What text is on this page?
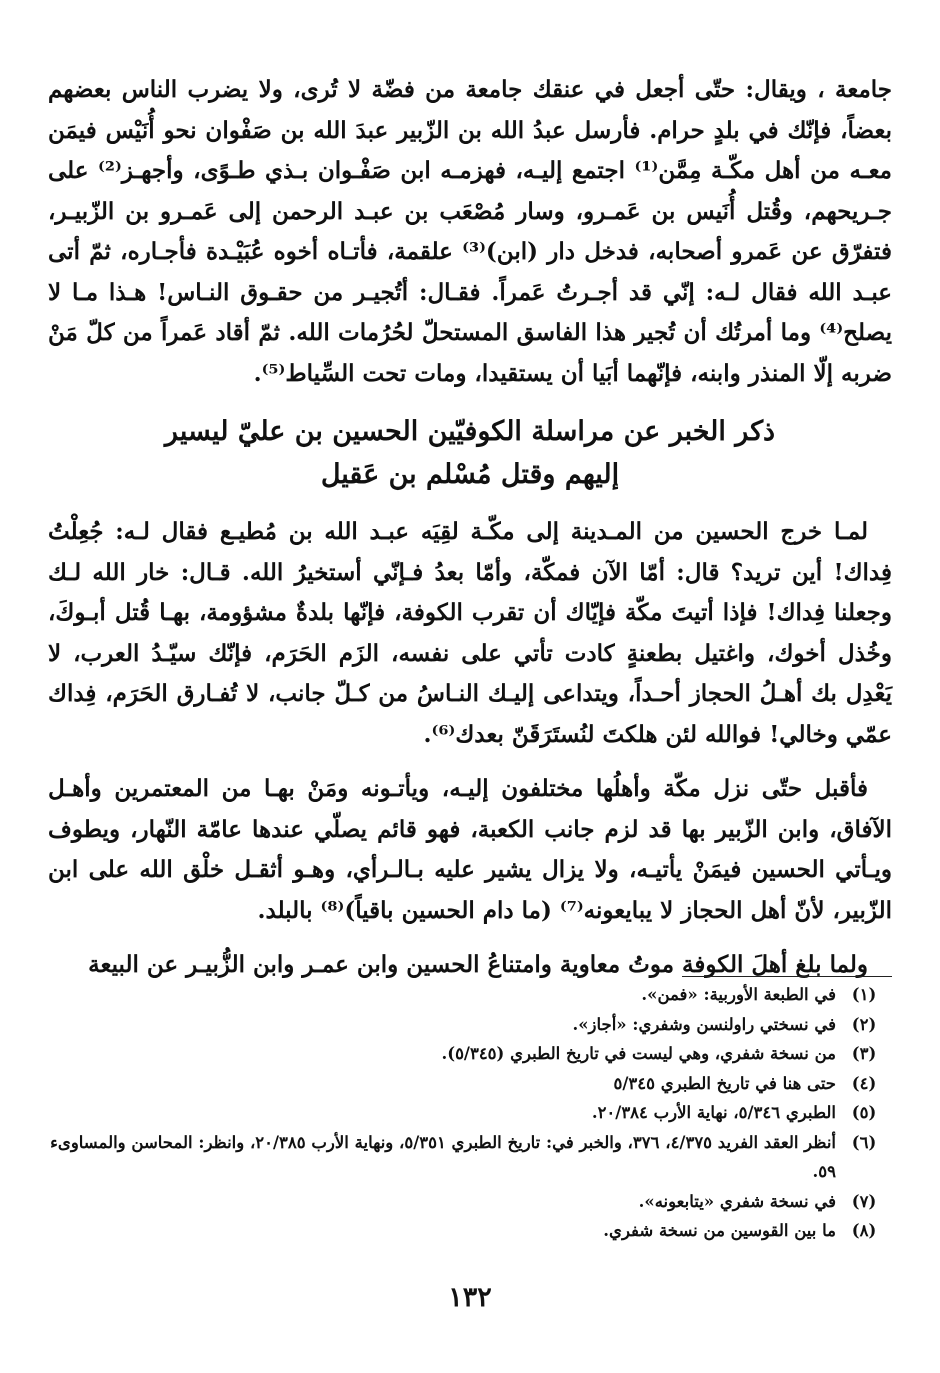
جامعة ، ويقال: حتّى أجعل في عنقك جامعة من فضّة لا تُرى، ولا يضرب الناس بعضهم بعضاً، فإنّك في بلدٍ حرام. فأرسل عبدُ الله بن الزّبير عبدَ الله بن صَفْوان نحو أُنَيْس فيمَن معـه من أهل مكّـة مِمَّن⁽¹⁾ اجتمع إليـه، فهزمـه ابن صَفْـوان بـذي طـوًى، وأجهـز⁽²⁾ على جـريحهم، وقُتل أُنَيس بن عَمـرو، وسار مُصْعَب بن عبـد الرحمن إلى عَمـرو بن الزّبيـر، فتفرّق عن عَمرو أصحابه، فدخل دار (ابن)⁽³⁾ علقمة، فأتـاه أخوه عُبَيْـدة فأجـاره، ثمّ أتى عبـد الله فقال لـه: إنّي قد أجـرتُ عَمراً. فقـال: أتُجيـر من حقـوق النـاس! هـذا مـا لا يصلح⁽⁴⁾ وما أمرتُك أن تُجير هذا الفاسق المستحلّ لحُرُمات الله. ثمّ أقاد عَمراً من كلّ مَنْ ضربه إلّا المنذر وابنه، فإنّهما أبَيا أن يستقيدا، ومات تحت السِّياط⁽⁵⁾.

ذكر الخبر عن مراسلة الكوفيّين الحسين بن عليّ ليسير
إليهم وقتل مُسْلم بن عَقيل

لمـا خرج الحسين من المـدينة إلى مكّـة لقِيَه عبـد الله بن مُطيـع فقال لـه: جُعِلْتُ فِداك! أين تريد؟ قال: أمّا الآن فمكّة، وأمّا بعدُ فـإنّي أستخيرُ الله. قـال: خار الله لـك وجعلنا فِداك! فإذا أتيتَ مكّة فإيّاك أن تقرب الكوفة، فإنّها بلدةٌ مشؤومة، بهـا قُتل أبـوكَ، وخُذل أخوك، واغتيل بطعنةٍ كادت تأتي على نفسه، الزَم الحَرَم، فإنّك سيّـدُ العرب، لا يَعْدِل بك أهـلُ الحجاز أحـداً، ويتداعى إليـك النـاسُ من كـلّ جانب، لا تُفـارق الحَرَم، فِداك عمّي وخالي! فوالله لئن هلكتَ لنُستَرَقَنّ بعدك⁽⁶⁾.

فأقبل حتّى نزل مكّة وأهلُها مختلفون إليـه، ويأتـونه ومَنْ بهـا من المعتمرين وأهـل الآفاق، وابن الزّبير بها قد لزم جانب الكعبة، فهو قائم يصلّي عندها عامّة النّهار، ويطوف ويـأتي الحسين فيمَنْ يأتيـه، ولا يزال يشير عليه بـالـرأي، وهـو أثقـل خلْق الله على ابن الزّبير، لأنّ أهل الحجاز لا يبايعونه⁽⁷⁾ (ما دام الحسين باقياً)⁽⁸⁾ بالبلد.

ولما بلغ أهلَ الكوفة موتُ معاوية وامتناعُ الحسين وابن عمـر وابن الزُّبيـر عن البيعة

(١)
في الطبعة الأوربية: «فمن».
(٢)
في نسختي راولنسن وشفري: «أجاز».
(٣)
من نسخة شفري، وهي ليست في تاريخ الطبري (٥/٣٤٥).
(٤)
حتى هنا في تاريخ الطبري ٥/٣٤٥
(٥)
الطبري ٥/٣٤٦، نهاية الأرب ٢٠/٣٨٤.
(٦)
أنظر العقد الفريد ٤/٣٧٥، ٣٧٦، والخبر في: تاريخ الطبري ٥/٣٥١، ونهاية الأرب ٢٠/٣٨٥، وانظر: المحاسن والمساوىء ٥٩.
(٧)
في نسخة شفري «يتابعونه».
(٨)
ما بين القوسين من نسخة شفري.
١٣٢
